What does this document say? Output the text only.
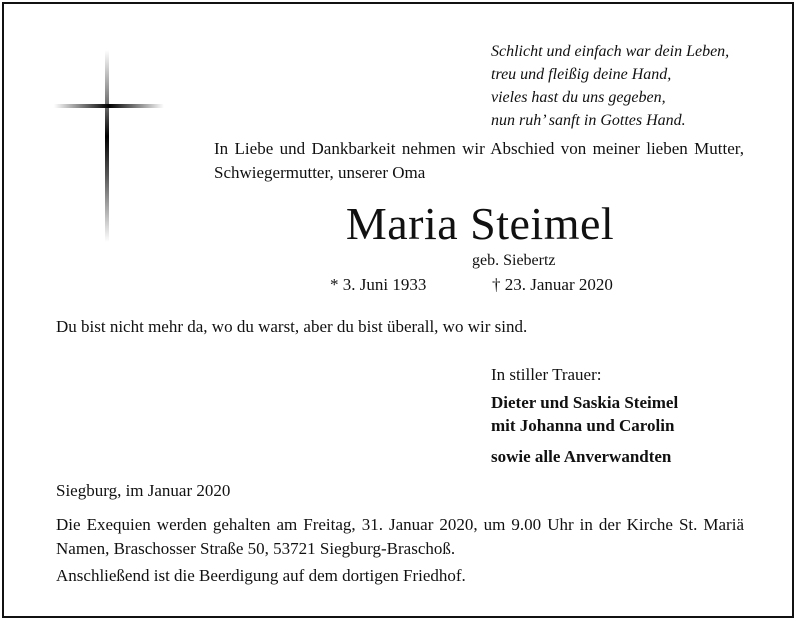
Schlicht und einfach war dein Leben,
treu und fleißig deine Hand,
vieles hast du uns gegeben,
nun ruh’ sanft in Gottes Hand.
In Liebe und Dankbarkeit nehmen wir Abschied von meiner lieben Mutter, Schwiegermutter, unserer Oma
Maria Steimel
geb. Siebertz
* 3. Juni 1933	† 23. Januar 2020
Du bist nicht mehr da, wo du warst, aber du bist überall, wo wir sind.
In stiller Trauer:
Dieter und Saskia Steimel
mit Johanna und Carolin
sowie alle Anverwandten
Siegburg, im Januar 2020
Die Exequien werden gehalten am Freitag, 31. Januar 2020, um 9.00 Uhr in der Kirche St. Mariä Namen, Braschosser Straße 50, 53721 Siegburg-Braschoß.
Anschließend ist die Beerdigung auf dem dortigen Friedhof.
